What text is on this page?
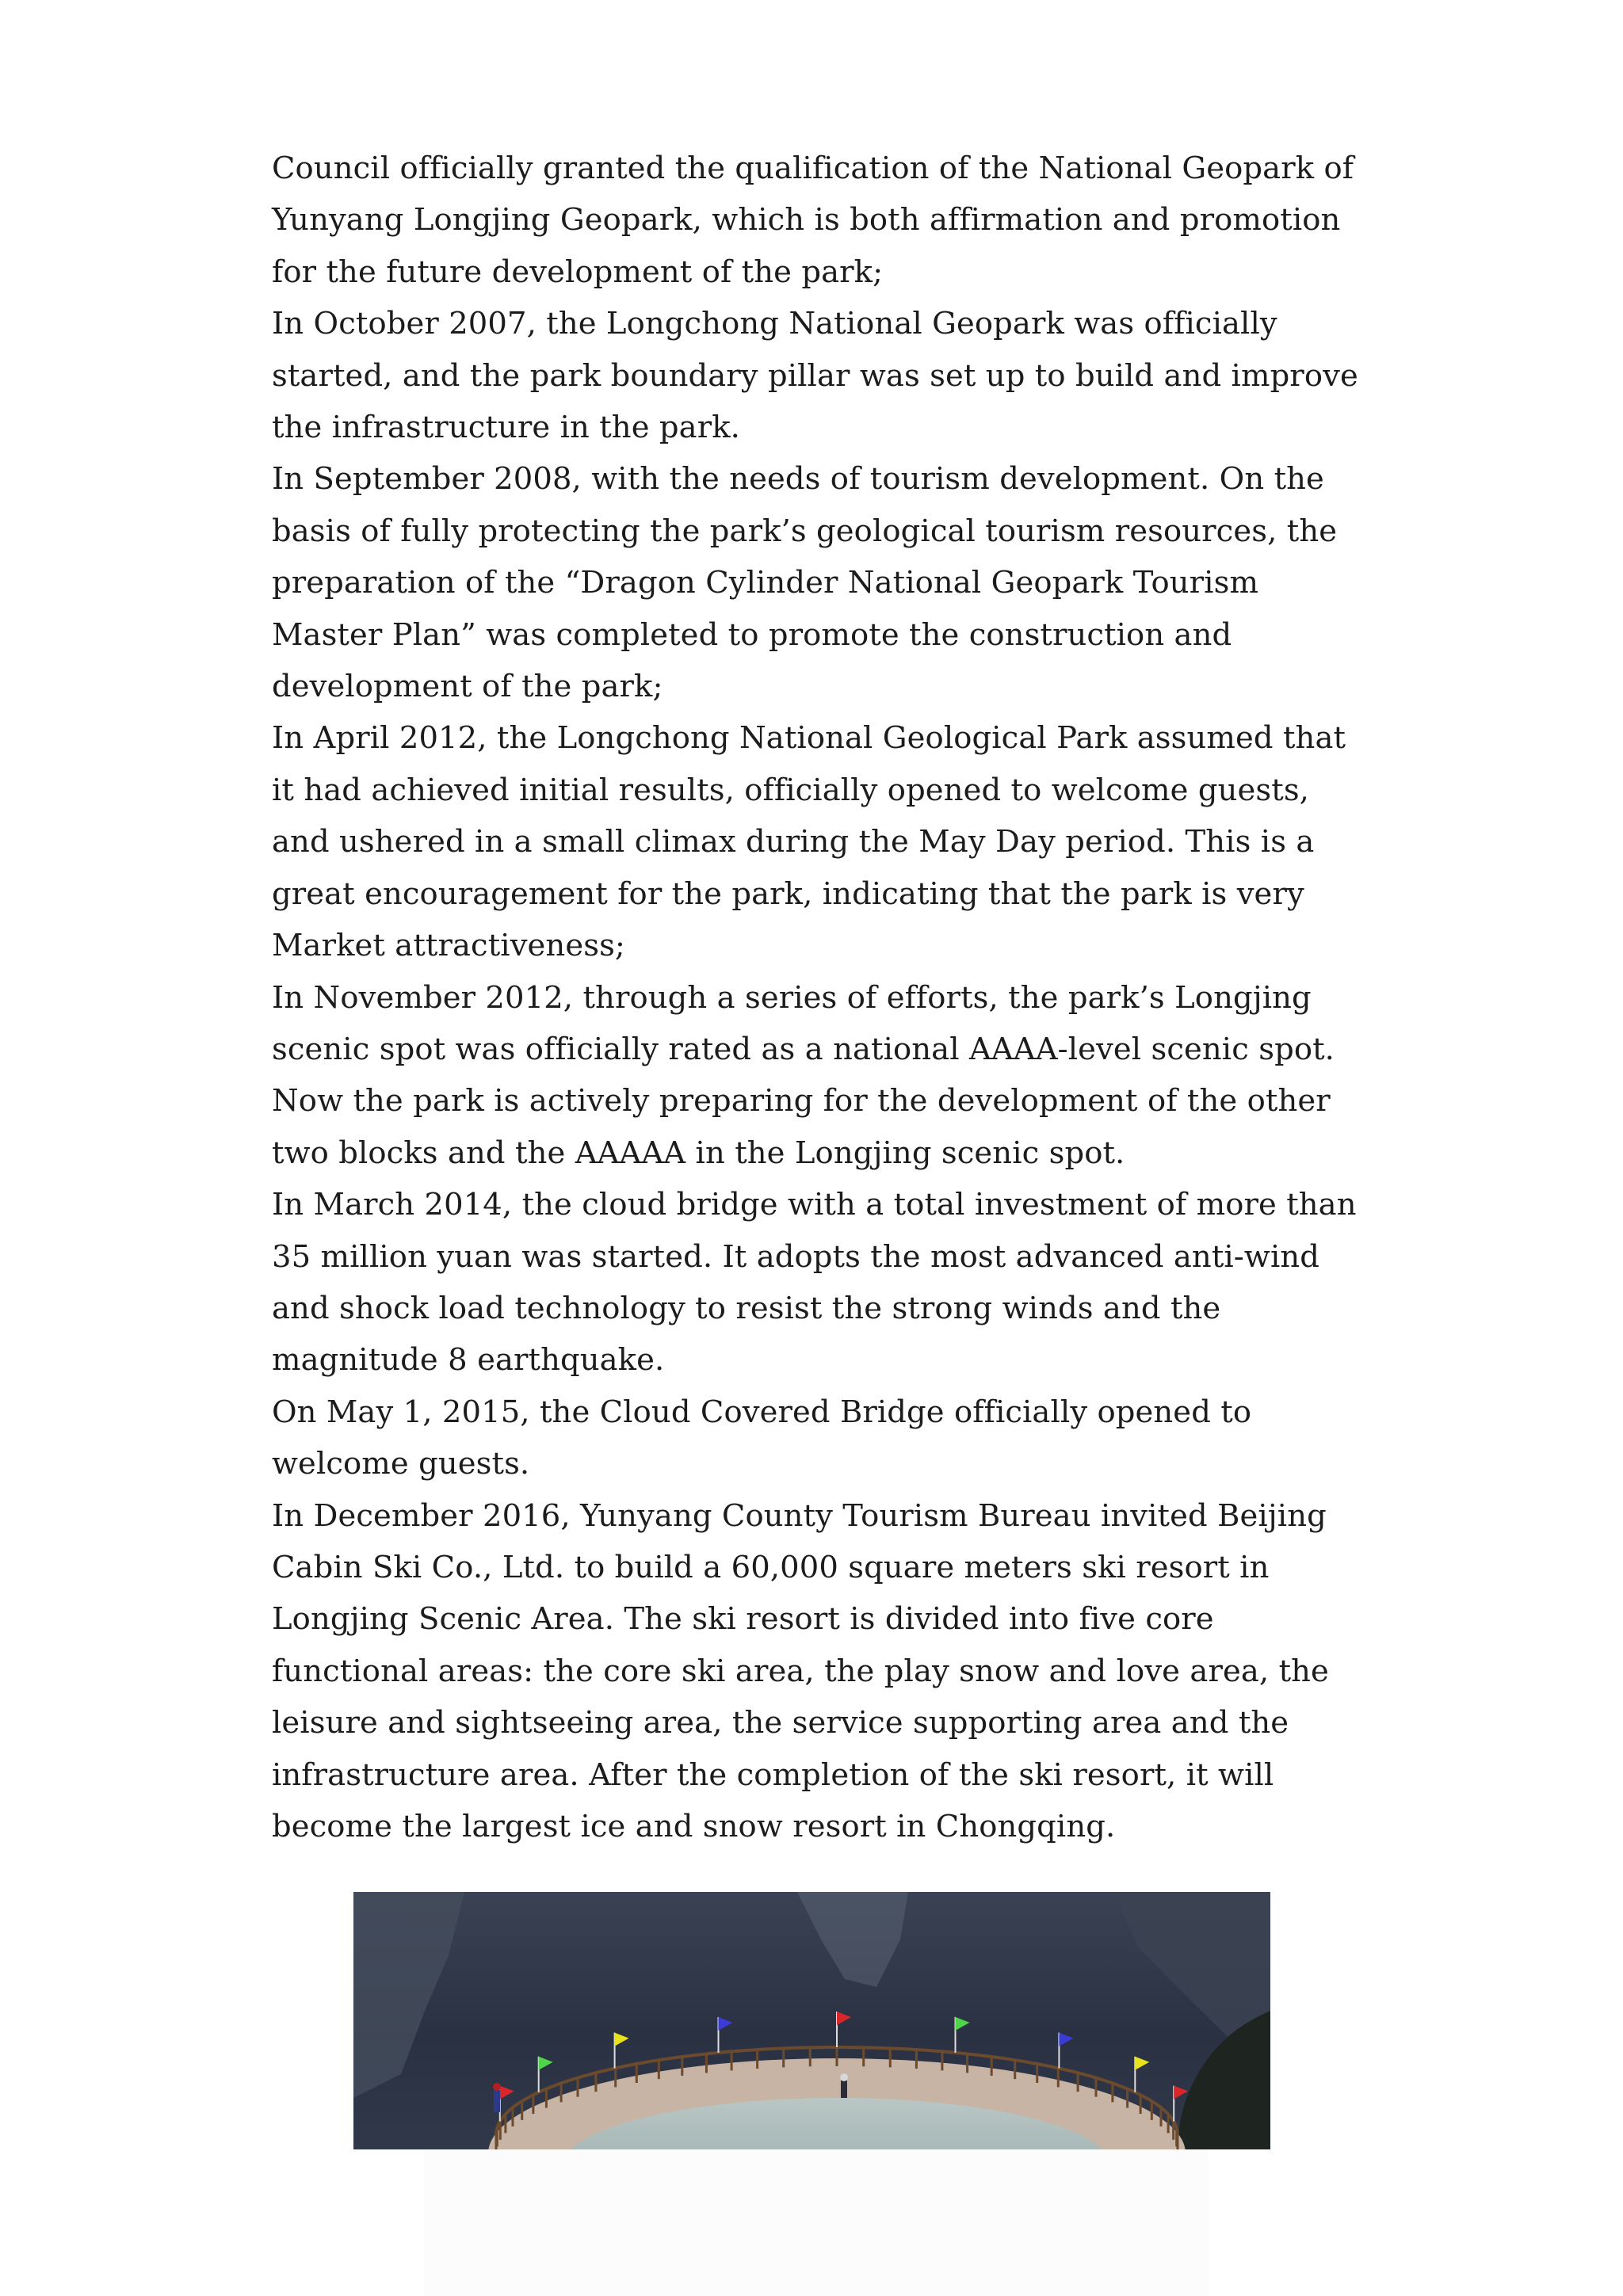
Council officially granted the qualification of the National Geopark of Yunyang Longjing Geopark, which is both affirmation and promotion for the future development of the park;

In October 2007, the Longchong National Geopark was officially started, and the park boundary pillar was set up to build and improve the infrastructure in the park.

In September 2008, with the needs of tourism development. On the basis of fully protecting the park’s geological tourism resources, the preparation of the “Dragon Cylinder National Geopark Tourism Master Plan” was completed to promote the construction and development of the park;

In April 2012, the Longchong National Geological Park assumed that it had achieved initial results, officially opened to welcome guests, and ushered in a small climax during the May Day period. This is a great encouragement for the park, indicating that the park is very Market attractiveness;

In November 2012, through a series of efforts, the park’s Longjing scenic spot was officially rated as a national AAAA-level scenic spot. Now the park is actively preparing for the development of the other two blocks and the AAAAA in the Longjing scenic spot.

In March 2014, the cloud bridge with a total investment of more than 35 million yuan was started. It adopts the most advanced anti-wind and shock load technology to resist the strong winds and the magnitude 8 earthquake.

On May 1, 2015, the Cloud Covered Bridge officially opened to welcome guests.

In December 2016, Yunyang County Tourism Bureau invited Beijing Cabin Ski Co., Ltd. to build a 60,000 square meters ski resort in Longjing Scenic Area. The ski resort is divided into five core functional areas: the core ski area, the play snow and love area, the leisure and sightseeing area, the service supporting area and the infrastructure area. After the completion of the ski resort, it will become the largest ice and snow resort in Chongqing.
